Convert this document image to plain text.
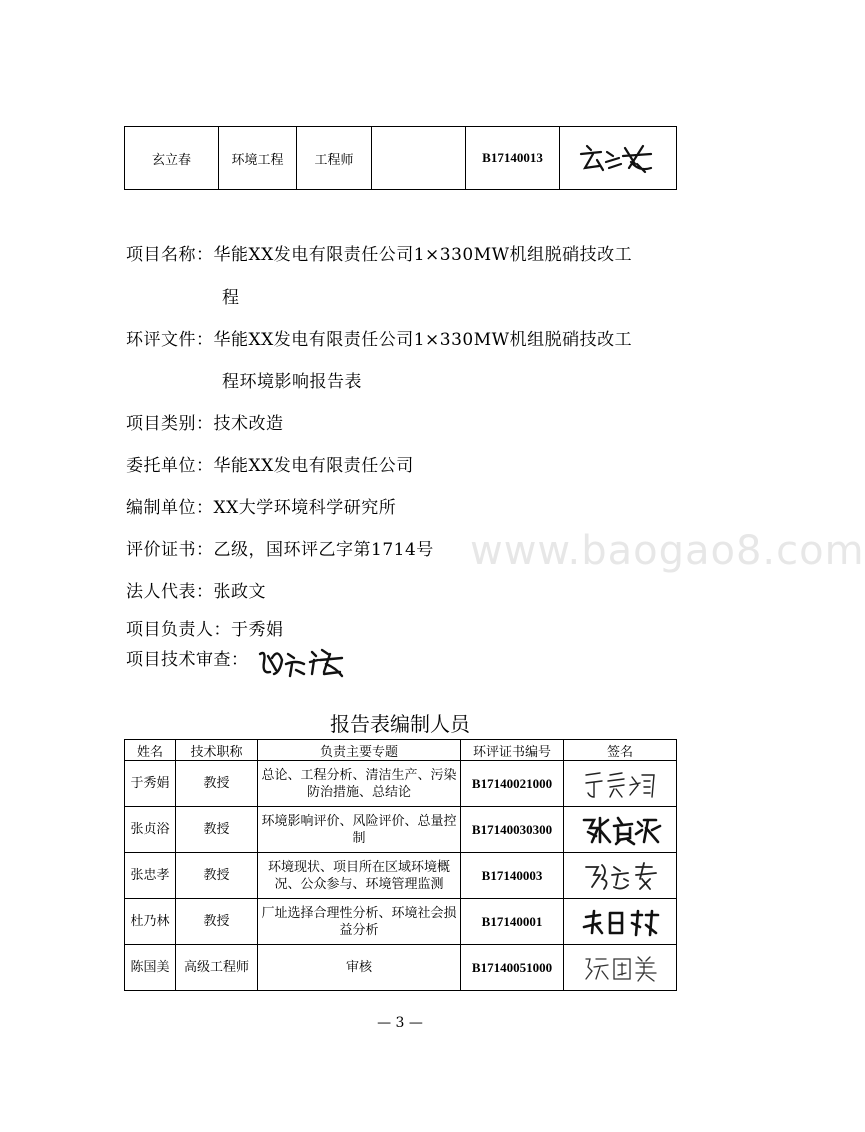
玄立春	环境工程	工程师		B17140013	
项目名称：华能XX发电有限责任公司1×330MW机组脱硝技改工
程
环评文件：华能XX发电有限责任公司1×330MW机组脱硝技改工
程环境影响报告表
项目类别：技术改造
委托单位：华能XX发电有限责任公司
编制单位：XX大学环境科学研究所
评价证书：乙级，国环评乙字第1714号
法人代表：张政文
项目负责人：于秀娟
项目技术审查：
www.baogao8.com
报告表编制人员
姓名	技术职称	负责主要专题	环评证书编号	签名
于秀娟	教授	总论、工程分析、清洁生产、污染防治措施、总结论	B17140021000	

张贞浴	教授	环境影响评价、风险评价、总量控制	B17140030300	

张忠孝	教授	环境现状、项目所在区域环境概况、公众参与、环境管理监测	B17140003	

杜乃林	教授	厂址选择合理性分析、环境社会损益分析	B17140001	

陈国美	高级工程师	审核	B17140051000	
— 3 —
